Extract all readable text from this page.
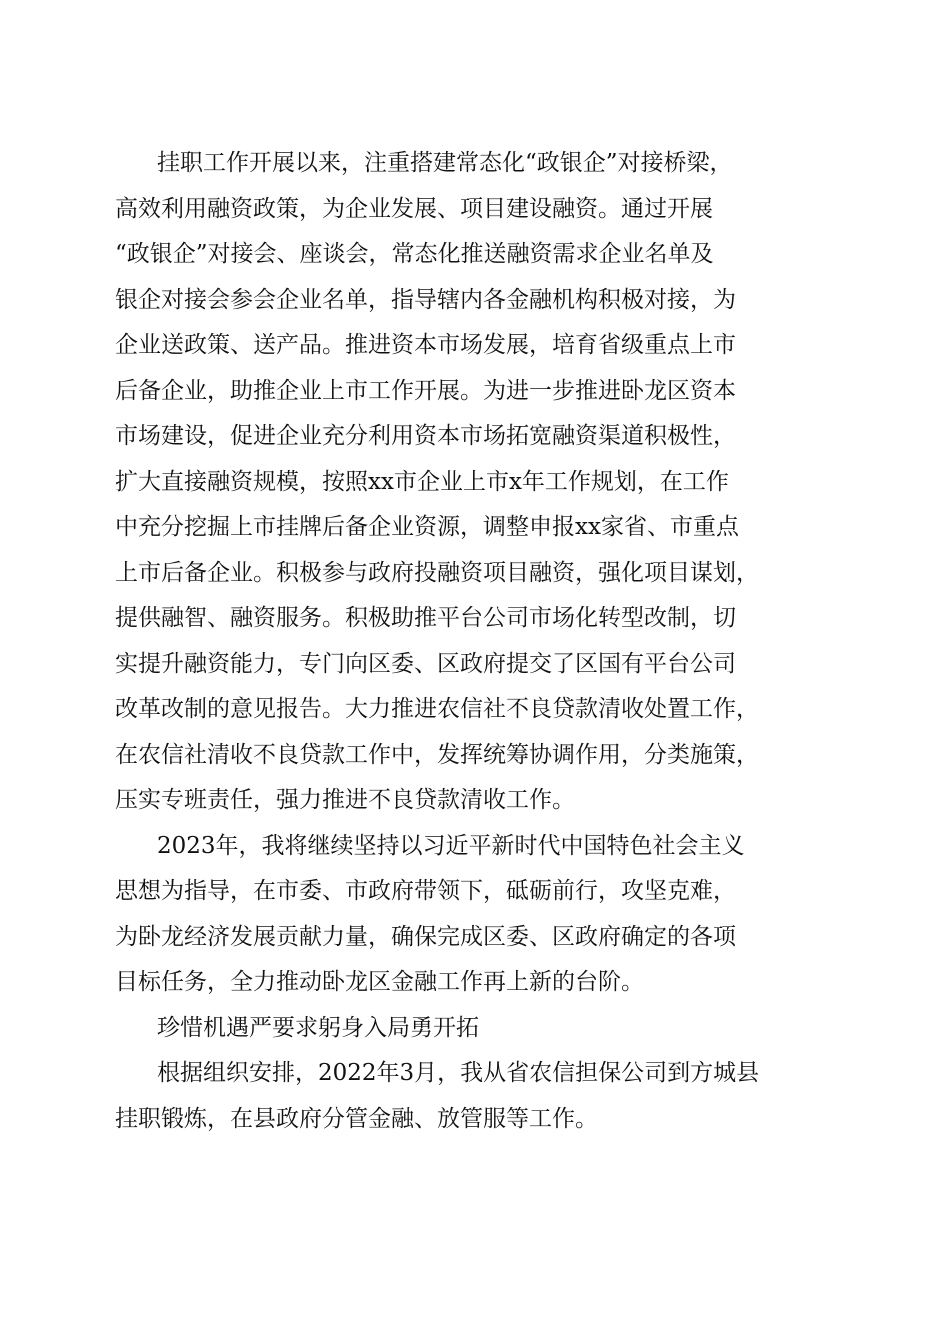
挂职工作开展以来，注重搭建常态化“政银企”对接桥梁，
高效利用融资政策，为企业发展、项目建设融资。通过开展
“政银企”对接会、座谈会，常态化推送融资需求企业名单及
银企对接会参会企业名单，指导辖内各金融机构积极对接，为
企业送政策、送产品。推进资本市场发展，培育省级重点上市
后备企业，助推企业上市工作开展。为进一步推进卧龙区资本
市场建设，促进企业充分利用资本市场拓宽融资渠道积极性，
扩大直接融资规模，按照xx市企业上市x年工作规划，在工作
中充分挖掘上市挂牌后备企业资源，调整申报xx家省、市重点
上市后备企业。积极参与政府投融资项目融资，强化项目谋划，
提供融智、融资服务。积极助推平台公司市场化转型改制，切
实提升融资能力，专门向区委、区政府提交了区国有平台公司
改革改制的意见报告。大力推进农信社不良贷款清收处置工作，
在农信社清收不良贷款工作中，发挥统筹协调作用，分类施策，
压实专班责任，强力推进不良贷款清收工作。
2023年，我将继续坚持以习近平新时代中国特色社会主义
思想为指导，在市委、市政府带领下，砥砺前行，攻坚克难，
为卧龙经济发展贡献力量，确保完成区委、区政府确定的各项
目标任务，全力推动卧龙区金融工作再上新的台阶。
珍惜机遇严要求躬身入局勇开拓
根据组织安排，2022年3月，我从省农信担保公司到方城县
挂职锻炼，在县政府分管金融、放管服等工作。
